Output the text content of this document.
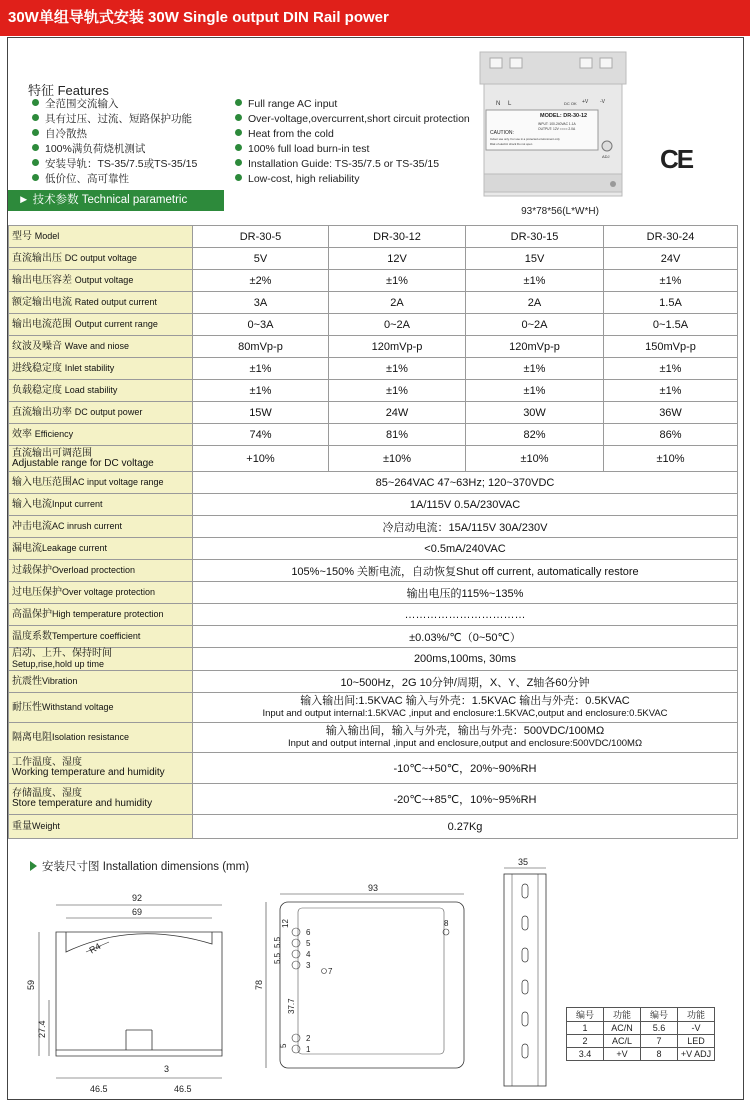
30W单组导轨式安装 30W Single output DIN Rail power
特征 Features
全范围交流输入
具有过压、过流、短路保护功能
自冷散热
100%满负荷烧机测试
安装导轨：TS-35/7.5或TS-35/15
低价位、高可靠性
Full range AC input
Over-voltage,overcurrent,short circuit protection
Heat from the cold
100% full load burn-in test
Installation Guide: TS-35/7.5 or TS-35/15
Low-cost, high reliability
► 技术参数 Technical parametric
N L	DC OK +V -V
MODEL: DR-30-12
INPUT: 100-240VAC 1.1A
OUTPUT: 12V ==== 2.0A
CAUTION:
Indoor use only. For use in a protected environment only
Risk of electric shock Do not open
ADJ
93*78*56(L*W*H)
CE
型号 Model	DR-30-5	DR-30-12	DR-30-15	DR-30-24
直流输出压 DC output voltage	5V	12V	15V	24V
输出电压容差 Output voltage	±2%	±1%	±1%	±1%
额定输出电流 Rated output current	3A	2A	2A	1.5A
输出电流范围 Output current range	0~3A	0~2A	0~2A	0~1.5A
纹波及噪音 Wave and niose	80mVp-p	120mVp-p	120mVp-p	150mVp-p
进线稳定度 Inlet stability	±1%	±1%	±1%	±1%
负载稳定度 Load stability	±1%	±1%	±1%	±1%
直流输出功率 DC output power	15W	24W	30W	36W
效率 Efficiency	74%	81%	82%	86%
直流输出可调范围
Adjustable range for DC voltage	+10%	±10%	±10%	±10%
输入电压范围AC input voltage range	85~264VAC 47~63Hz; 120~370VDC			
输入电流Input current	1A/115V 0.5A/230VAC			
冲击电流AC inrush current	冷启动电流：15A/115V 30A/230V			
漏电流Leakage current	<0.5mA/240VAC			
过载保护Overload proctection	105%~150% 关断电流，自动恢复Shut off current, automatically restore			
过电压保护Over voltage protection	输出电压的115%~135%			
高温保护High temperature protection	……………………………			
温度系数Temperture coefficient	±0.03%/℃（0~50℃）			
启动、上升、保持时间
Setup,rise,hold up time	200ms,100ms, 30ms			
抗震性Vibration	10~500Hz，2G 10分钟/周期，X、Y、Z轴各60分钟			
耐压性Withstand voltage	输入输出间:1.5KVAC 输入与外壳：1.5KVAC 输出与外壳：0.5KVAC
Input and output internal:1.5KVAC ,input and enclosure:1.5KVAC,output and enclosure:0.5KVAC			
隔离电阻Isolation resistance	输入输出间，输入与外壳，输出与外壳：500VDC/100MΩ
Input and output internal ,input and enclosure,output and enclosure:500VDC/100MΩ			
工作温度、湿度
Working temperature and humidity	-10℃~+50℃，20%~90%RH			
存储温度、湿度
Store temperature and humidity	-20℃~+85℃，10%~95%RH			
重量Weight	0.27Kg			
安装尺寸图 Installation dimensions (mm)
92
69
R4
59
27.4
46.5	46.5
3
6
5
4
3
2
1
7
8
93
78
12
5.5
5.5
37.7
5
35
编号	功能	编号	功能
1	AC/N	5.6	-V
2	AC/L	7	LED
3.4	+V	8	+V ADJ
